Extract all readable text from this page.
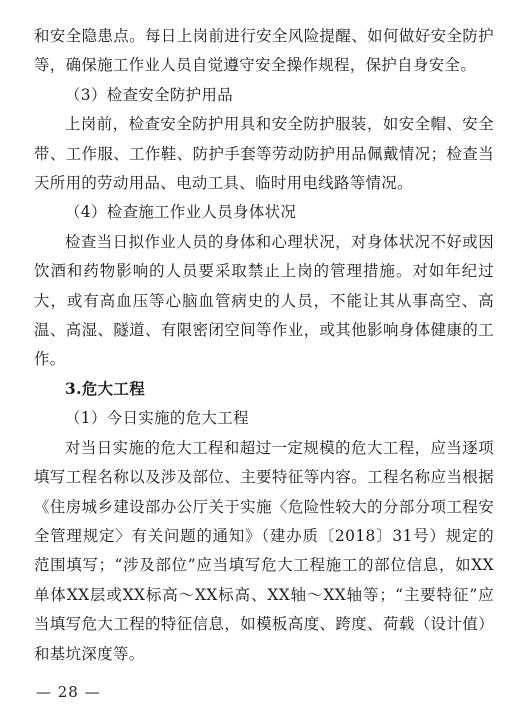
和安全隐患点。每日上岗前进行安全风险提醒、如何做好安全防护等，确保施工作业人员自觉遵守安全操作规程，保护自身安全。

（3）检查安全防护用品

上岗前，检查安全防护用具和安全防护服装，如安全帽、安全带、工作服、工作鞋、防护手套等劳动防护用品佩戴情况；检查当天所用的劳动用品、电动工具、临时用电线路等情况。

（4）检查施工作业人员身体状况

检查当日拟作业人员的身体和心理状况，对身体状况不好或因饮酒和药物影响的人员要采取禁止上岗的管理措施。对如年纪过大，或有高血压等心脑血管病史的人员，不能让其从事高空、高温、高湿、隧道、有限密闭空间等作业，或其他影响身体健康的工作。

3.危大工程

（1）今日实施的危大工程

对当日实施的危大工程和超过一定规模的危大工程，应当逐项填写工程名称以及涉及部位、主要特征等内容。工程名称应当根据《住房城乡建设部办公厅关于实施〈危险性较大的分部分项工程安全管理规定〉有关问题的通知》（建办质〔2018〕31号）规定的范围填写；“涉及部位”应当填写危大工程施工的部位信息，如XX单体XX层或XX标高～XX标高、XX轴～XX轴等；“主要特征”应当填写危大工程的特征信息，如模板高度、跨度、荷载（设计值）和基坑深度等。

— 28 —
